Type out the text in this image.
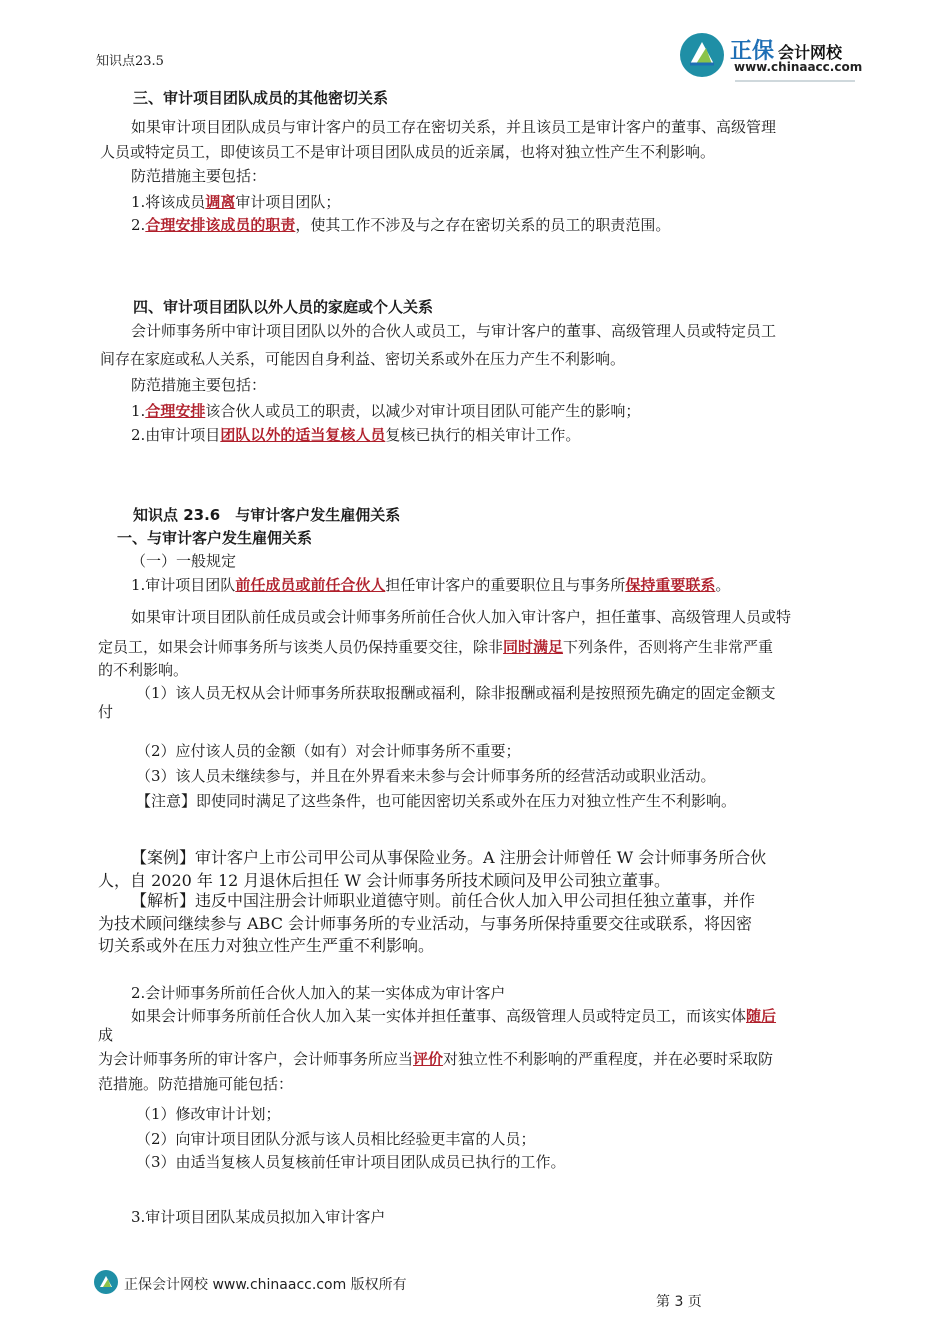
知识点23.5	正保 会计网校
www.chinaacc.com
三、审计项目团队成员的其他密切关系
如果审计项目团队成员与审计客户的员工存在密切关系，并且该员工是审计客户的董事、高级管理
人员或特定员工，即使该员工不是审计项目团队成员的近亲属，也将对独立性产生不利影响。
防范措施主要包括：
1.将该成员调离审计项目团队；
2.合理安排该成员的职责，使其工作不涉及与之存在密切关系的员工的职责范围。
四、审计项目团队以外人员的家庭或个人关系
会计师事务所中审计项目团队以外的合伙人或员工，与审计客户的董事、高级管理人员或特定员工
间存在家庭或私人关系，可能因自身利益、密切关系或外在压力产生不利影响。
防范措施主要包括：
1.合理安排该合伙人或员工的职责，以减少对审计项目团队可能产生的影响；
2.由审计项目团队以外的适当复核人员复核已执行的相关审计工作。
知识点 23.6　与审计客户发生雇佣关系
一、与审计客户发生雇佣关系
（一）一般规定
1.审计项目团队前任成员或前任合伙人担任审计客户的重要职位且与事务所保持重要联系。
如果审计项目团队前任成员或会计师事务所前任合伙人加入审计客户，担任董事、高级管理人员或特
定员工，如果会计师事务所与该类人员仍保持重要交往，除非同时满足下列条件，否则将产生非常严重
的不利影响。
（1）该人员无权从会计师事务所获取报酬或福利，除非报酬或福利是按照预先确定的固定金额支
付
（2）应付该人员的金额（如有）对会计师事务所不重要；
（3）该人员未继续参与，并且在外界看来未参与会计师事务所的经营活动或职业活动。
【注意】即使同时满足了这些条件，也可能因密切关系或外在压力对独立性产生不利影响。
【案例】审计客户上市公司甲公司从事保险业务。A 注册会计师曾任 W 会计师事务所合伙
人，自 2020 年 12 月退休后担任 W 会计师事务所技术顾问及甲公司独立董事。
【解析】违反中国注册会计师职业道德守则。前任合伙人加入甲公司担任独立董事，并作
为技术顾问继续参与 ABC 会计师事务所的专业活动，与事务所保持重要交往或联系，将因密
切关系或外在压力对独立性产生严重不利影响。
2.会计师事务所前任合伙人加入的某一实体成为审计客户
如果会计师事务所前任合伙人加入某一实体并担任董事、高级管理人员或特定员工，而该实体随后
成
为会计师事务所的审计客户，会计师事务所应当评价对独立性不利影响的严重程度，并在必要时采取防
范措施。防范措施可能包括：
（1）修改审计计划；
（2）向审计项目团队分派与该人员相比经验更丰富的人员；
（3）由适当复核人员复核前任审计项目团队成员已执行的工作。
3.审计项目团队某成员拟加入审计客户
正保会计网校 www.chinaacc.com 版权所有
第 3 页
